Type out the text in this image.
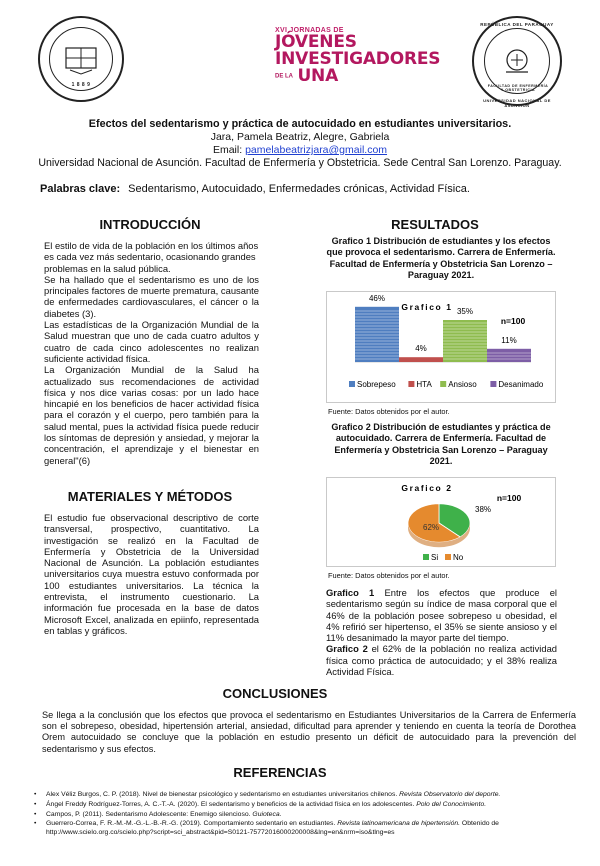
1 8 8 9
XVI JORNADAS DE
JÓVENES
INVESTIGADORES
DE LA UNA
REPÚBLICA DEL PARAGUAY
FACULTAD DE ENFERMERÍA Y OBSTETRICIA
UNIVERSIDAD NACIONAL DE ASUNCIÓN
Efectos del sedentarismo y práctica de autocuidado en estudiantes universitarios.
Jara, Pamela Beatriz, Alegre, Gabriela
Email: pamelabeatrizjara@gmail.com
Universidad Nacional de Asunción. Facultad de Enfermería y Obstetricia. Sede Central San Lorenzo. Paraguay.
Palabras clave: Sedentarismo, Autocuidado, Enfermedades crónicas, Actividad Física.
INTRODUCCIÓN

El estilo de vida de la población en los últimos años es cada vez más sedentario, ocasionando grandes problemas en la salud pública.

Se ha hallado que el sedentarismo es uno de los principales factores de muerte prematura, causante de enfermedades cardiovasculares, el cáncer o la diabetes (3).

Las estadísticas de la Organización Mundial de la Salud muestran que uno de cada cuatro adultos y cuatro de cada cinco adolescentes no realizan suficiente actividad física.

La Organización Mundial de la Salud ha actualizado sus recomendaciones de actividad física y nos dice varias cosas: por un lado hace hincapié en los beneficios de hacer actividad física para el corazón y el cuerpo, pero también para la salud mental, pues la actividad física puede reducir los síntomas de depresión y ansiedad, y mejorar la concentración, el aprendizaje y el bienestar en general"(6)

MATERIALES Y MÉTODOS
El estudio fue observacional descriptivo de corte transversal, prospectivo, cuantitativo. La investigación se realizó en la Facultad de Enfermería y Obstetricia de la Universidad Nacional de Asunción. La población estudiantes universitarios cuya muestra estuvo conformada por 100 estudiantes universitarios. La técnica la entrevista, el instrumento cuestionario. La información fue procesada en la base de datos Microsoft Excel, analizada en epiinfo, representada en tablas y gráficos.
RESULTADOS
Grafico 1 Distribución de estudiantes y los efectos que provoca el sedentarismo. Carrera de Enfermería. Facultad de Enfermería y Obstetricia San Lorenzo – Paraguay 2021.
Grafico 1
n=100
46%
4%
35%
11%
Sobrepeso	HTA Ansioso	Desanimado
Fuente: Datos obtenidos por el autor.
Grafico 2 Distribución de estudiantes y práctica de autocuidado. Carrera de Enfermería. Facultad de Enfermería y Obstetricia San Lorenzo – Paraguay 2021.
Grafico 2
n=100
38%
62%
Si No
Fuente: Datos obtenidos por el autor.

Grafico 1 Entre los efectos que produce el sedentarismo según su índice de masa corporal que el 46% de la población posee sobrepeso u obesidad, el 4% refirió ser hipertenso, el 35% se siente ansioso y el 11% desanimado la mayor parte del tiempo.

Grafico 2 el 62% de la población no realiza actividad física como práctica de autocuidado; y el 38% realiza Actividad Física.

CONCLUSIONES
Se llega a la conclusión que los efectos que provoca el sedentarismo en Estudiantes Universitarios de la Carrera de Enfermería son el sobrepeso, obesidad, hipertensión arterial, ansiedad, dificultad para aprender y teniendo en cuenta la teoría de Dorothea Orem autocuidado se concluye que la población en estudio presento un déficit de autocuidado para la prevención del sedentarismo y sus efectos.
REFERENCIAS
• Alex Véliz Burgos, C. P. (2018). Nivel de bienestar psicológico y sedentarismo en estudiantes universitarios chilenos. Revista Observatorio del deporte.
• Ángel Freddy Rodríguez-Torres, A. C.-T.-A. (2020). El sedentarismo y beneficios de la actividad física en los adolescentes. Polo del Conocimiento.
• Campos, P. (2011). Sedentarismo Adolescente: Enemigo silencioso. Guioteca.
• Guerrero-Correa, F. R.-M.-M.-G.-L.-B.-R.-G. (2019). Comportamiento sedentario en estudiantes. Revista latinoamericana de hipertensión. Obtenido de http://www.scielo.org.co/scielo.php?script=sci_abstract&pid=S0121-75772016000200008&lng=en&nrm=iso&tlng=es
